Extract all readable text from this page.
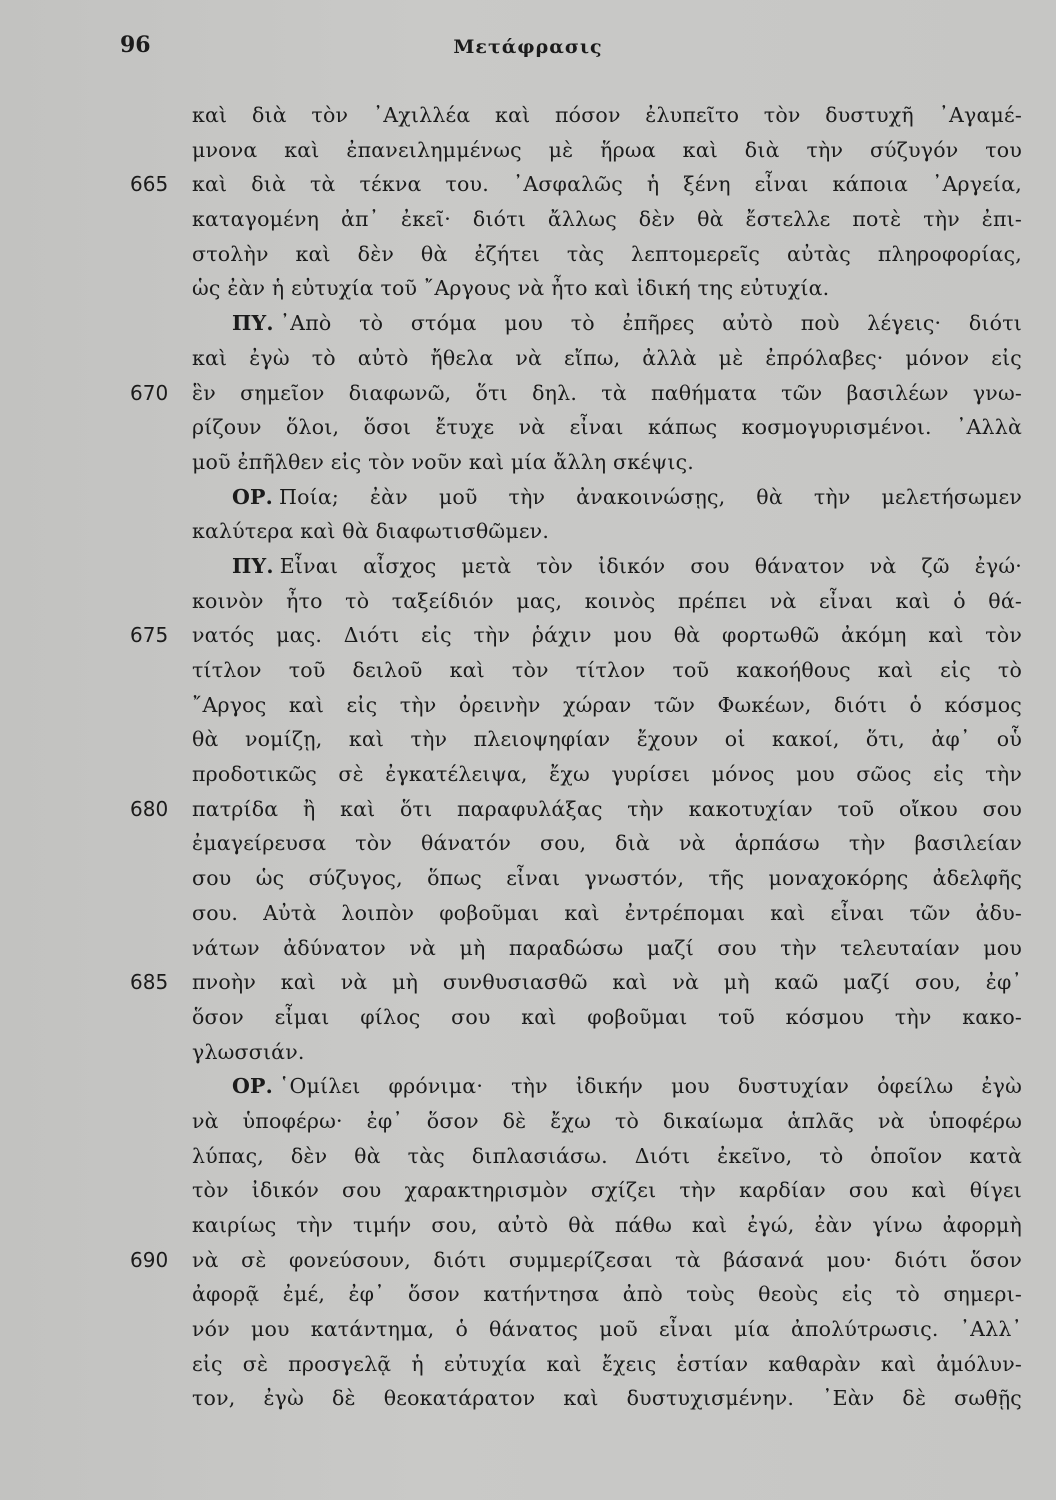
96	Μετάφρασις
καὶ διὰ τὸν ᾽Αχιλλέα καὶ πόσον ἐλυπεῖτο τὸν δυστυχῆ ᾽Αγαμέ-
μνονα καὶ ἐπανειλημμένως μὲ ἥρωα καὶ διὰ τὴν σύζυγόν του
665	καὶ διὰ τὰ τέκνα του. ᾽Ασφαλῶς ἡ ξένη εἶναι κάποια ᾽Αργεία,
καταγομένη ἀπ᾽ ἐκεῖ· διότι ἄλλως δὲν θὰ ἔστελλε ποτὲ τὴν ἐπι-
στολὴν καὶ δὲν θὰ ἐζήτει τὰς λεπτομερεῖς αὐτὰς πληροφορίας,
ὡς ἐὰν ἡ εὐτυχία τοῦ ῎Αργους νὰ ἦτο καὶ ἰδική της εὐτυχία.
ΠΥ. ᾽Απὸ τὸ στόμα μου τὸ ἐπῆρες αὐτὸ ποὺ λέγεις· διότι
καὶ ἐγὼ τὸ αὐτὸ ἤθελα νὰ εἴπω, ἀλλὰ μὲ ἐπρόλαβες· μόνον εἰς
670	ἓν σημεῖον διαφωνῶ, ὅτι δηλ. τὰ παθήματα τῶν βασιλέων γνω-
ρίζουν ὅλοι, ὅσοι ἔτυχε νὰ εἶναι κάπως κοσμογυρισμένοι. ᾽Αλλὰ
μοῦ ἐπῆλθεν εἰς τὸν νοῦν καὶ μία ἄλλη σκέψις.
ΟΡ. Ποία; ἐὰν μοῦ τὴν ἀνακοινώσῃς, θὰ τὴν μελετήσωμεν
καλύτερα καὶ θὰ διαφωτισθῶμεν.
ΠΥ. Εἶναι αἶσχος μετὰ τὸν ἰδικόν σου θάνατον νὰ ζῶ ἐγώ·
κοινὸν ἦτο τὸ ταξείδιόν μας, κοινὸς πρέπει νὰ εἶναι καὶ ὁ θά-
675	νατός μας. Διότι εἰς τὴν ῥάχιν μου θὰ φορτωθῶ ἀκόμη καὶ τὸν
τίτλον τοῦ δειλοῦ καὶ τὸν τίτλον τοῦ κακοήθους καὶ εἰς τὸ
῎Αργος καὶ εἰς τὴν ὀρεινὴν χώραν τῶν Φωκέων, διότι ὁ κόσμος
θὰ νομίζῃ, καὶ τὴν πλειοψηφίαν ἔχουν οἱ κακοί, ὅτι, ἀφ᾽ οὗ
προδοτικῶς σὲ ἐγκατέλειψα, ἔχω γυρίσει μόνος μου σῶος εἰς τὴν
680	πατρίδα ἢ καὶ ὅτι παραφυλάξας τὴν κακοτυχίαν τοῦ οἴκου σου
ἐμαγείρευσα τὸν θάνατόν σου, διὰ νὰ ἁρπάσω τὴν βασιλείαν
σου ὡς σύζυγος, ὅπως εἶναι γνωστόν, τῆς μοναχοκόρης ἀδελφῆς
σου. Αὐτὰ λοιπὸν φοβοῦμαι καὶ ἐντρέπομαι καὶ εἶναι τῶν ἀδυ-
νάτων ἀδύνατον νὰ μὴ παραδώσω μαζί σου τὴν τελευταίαν μου
685	πνοὴν καὶ νὰ μὴ συνθυσιασθῶ καὶ νὰ μὴ καῶ μαζί σου, ἐφ᾽
ὅσον εἶμαι φίλος σου καὶ φοβοῦμαι τοῦ κόσμου τὴν κακο-
γλωσσιάν.
ΟΡ. ῾Ομίλει φρόνιμα· τὴν ἰδικήν μου δυστυχίαν ὀφείλω ἐγὼ
νὰ ὑποφέρω· ἐφ᾽ ὅσον δὲ ἔχω τὸ δικαίωμα ἁπλᾶς νὰ ὑποφέρω
λύπας, δὲν θὰ τὰς διπλασιάσω. Διότι ἐκεῖνο, τὸ ὁποῖον κατὰ
τὸν ἰδικόν σου χαρακτηρισμὸν σχίζει τὴν καρδίαν σου καὶ θίγει
καιρίως τὴν τιμήν σου, αὐτὸ θὰ πάθω καὶ ἐγώ, ἐὰν γίνω ἀφορμὴ
690	νὰ σὲ φονεύσουν, διότι συμμερίζεσαι τὰ βάσανά μου· διότι ὅσον
ἀφορᾷ ἐμέ, ἐφ᾽ ὅσον κατήντησα ἀπὸ τοὺς θεοὺς εἰς τὸ σημερι-
νόν μου κατάντημα, ὁ θάνατος μοῦ εἶναι μία ἀπολύτρωσις. ᾽Αλλ᾽
εἰς σὲ προσγελᾷ ἡ εὐτυχία καὶ ἔχεις ἑστίαν καθαρὰν καὶ ἀμόλυν-
τον, ἐγὼ δὲ θεοκατάρατον καὶ δυστυχισμένην. ᾽Εὰν δὲ σωθῇς
